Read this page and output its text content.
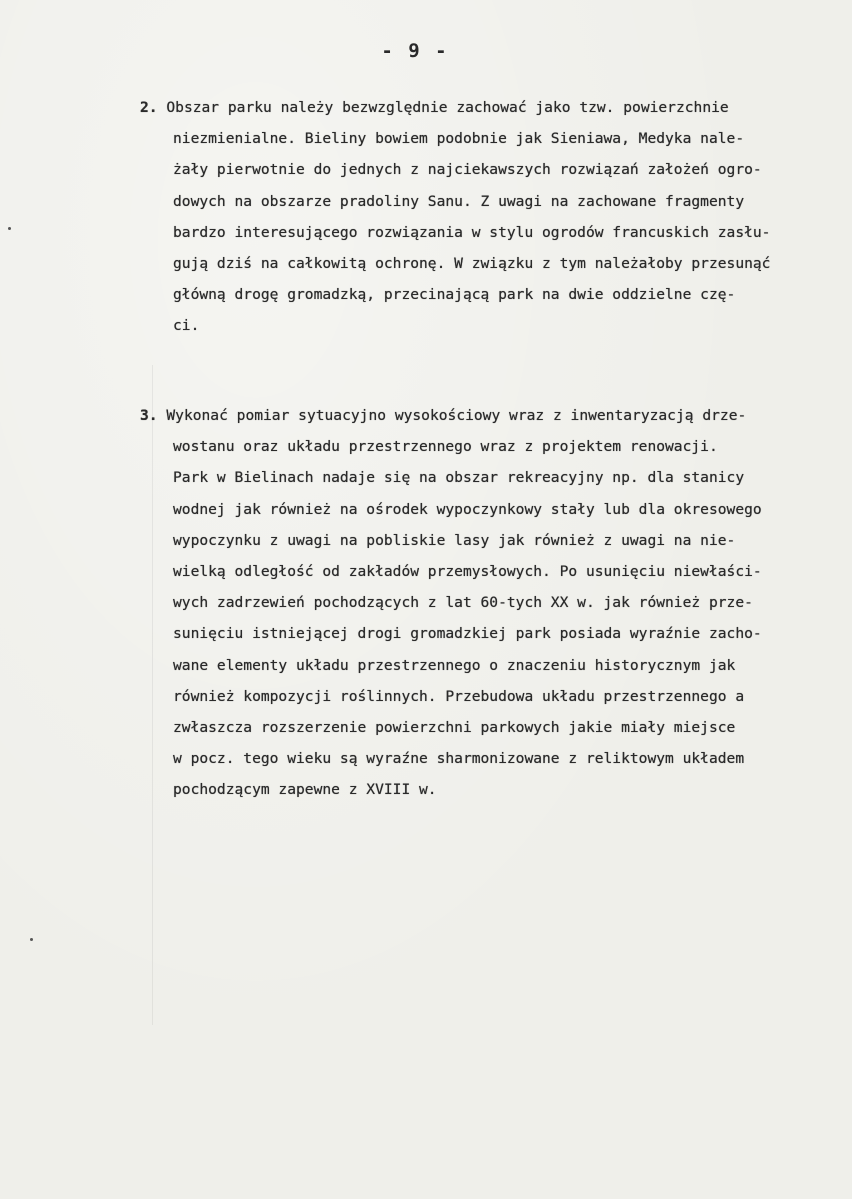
- 9 -
2. Obszar parku należy bezwzględnie zachować jako tzw. powierzchnie
niezmienialne. Bieliny bowiem podobnie jak Sieniawa, Medyka nale-
żały pierwotnie do jednych z najciekawszych rozwiązań założeń ogro-
dowych na obszarze pradoliny Sanu. Z uwagi na zachowane fragmenty
bardzo interesującego rozwiązania w stylu ogrodów francuskich zasłu-
gują dziś na całkowitą ochronę. W związku z tym należałoby przesunąć
główną drogę gromadzką, przecinającą park na dwie oddzielne czę-
ci.
3. Wykonać pomiar sytuacyjno wysokościowy wraz z inwentaryzacją drze-
wostanu oraz układu przestrzennego wraz z projektem renowacji.
Park w Bielinach nadaje się na obszar rekreacyjny np. dla stanicy
wodnej jak również na ośrodek wypoczynkowy stały lub dla okresowego
wypoczynku z uwagi na pobliskie lasy jak również z uwagi na nie-
wielką odległość od zakładów przemysłowych. Po usunięciu niewłaści-
wych zadrzewień pochodzących z lat 60-tych XX w. jak również prze-
sunięciu istniejącej drogi gromadzkiej park posiada wyraźnie zacho-
wane elementy układu przestrzennego o znaczeniu historycznym jak
również kompozycji roślinnych. Przebudowa układu przestrzennego a
zwłaszcza rozszerzenie powierzchni parkowych jakie miały miejsce
w pocz. tego wieku są wyraźne sharmonizowane z reliktowym układem
pochodzącym zapewne z XVIII w.
